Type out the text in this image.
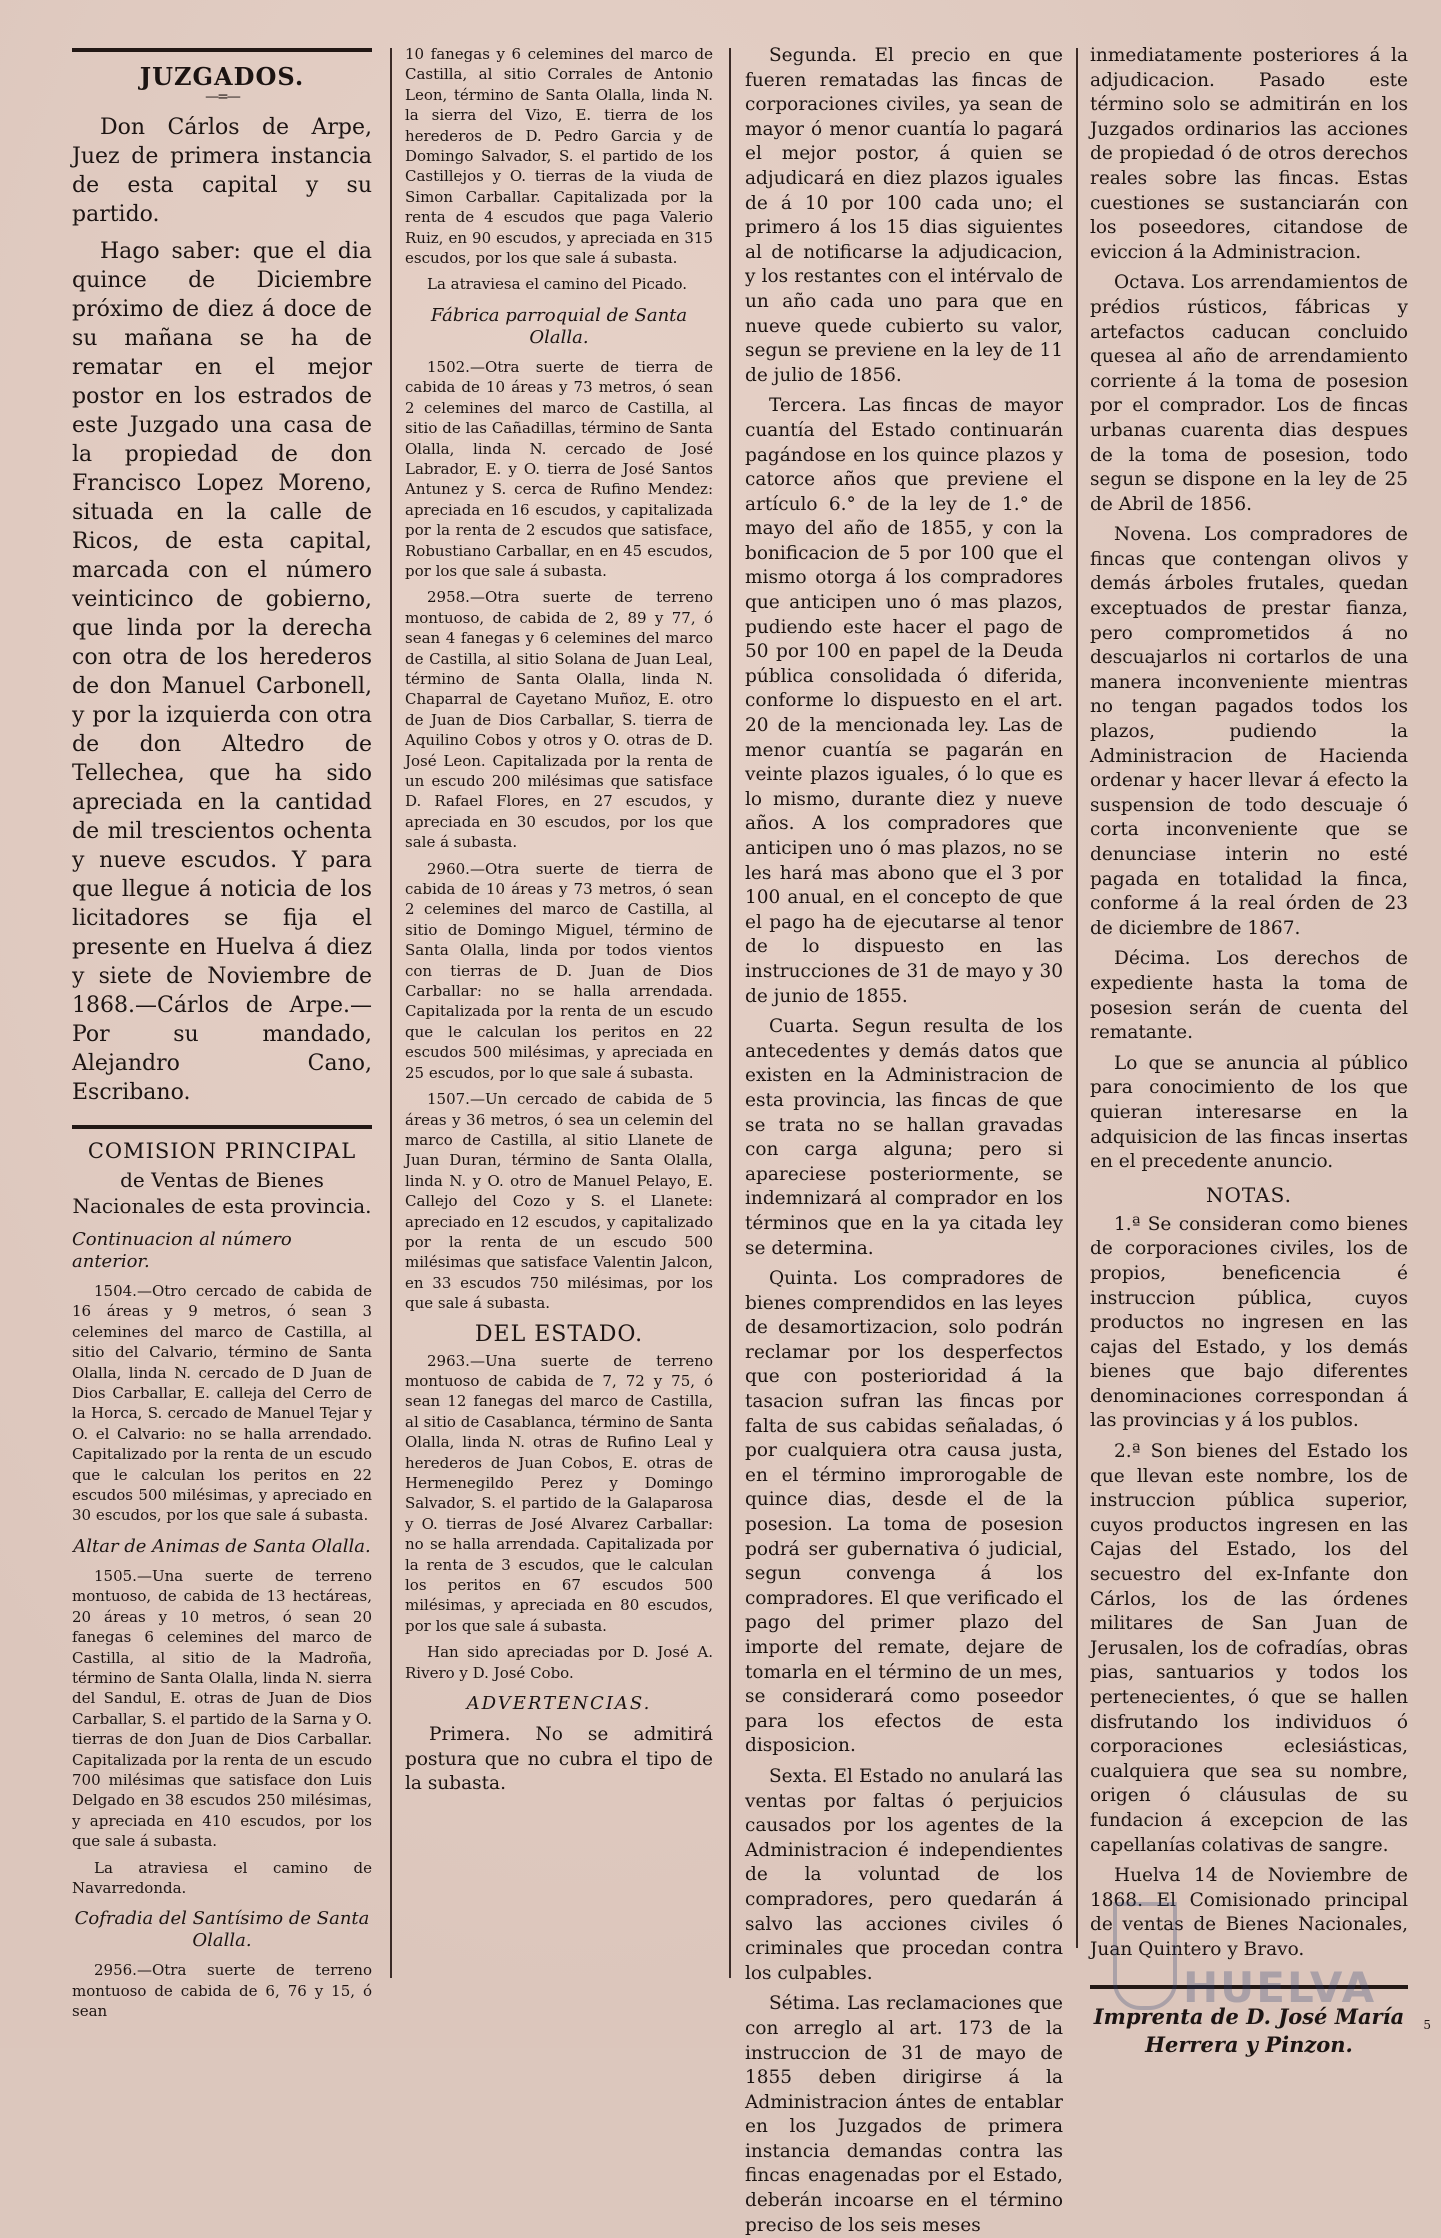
JUZGADOS.
—=—

Don Cárlos de Arpe, Juez de primera instancia de esta capital y su partido.

Hago saber: que el dia quince de Diciembre próximo de diez á doce de su mañana se ha de rematar en el mejor postor en los estrados de este Juzgado una casa de la propiedad de don Francisco Lopez Moreno, situada en la calle de Ricos, de esta capital, marcada con el número veinticinco de gobierno, que linda por la derecha con otra de los herederos de don Manuel Carbonell, y por la izquierda con otra de don Altedro de Tellechea, que ha sido apreciada en la cantidad de mil trescientos ochenta y nueve escudos. Y para que llegue á noticia de los licitadores se fija el presente en Huelva á diez y siete de Noviembre de 1868.—Cárlos de Arpe.—Por su mandado, Alejandro Cano, Escribano.

COMISION PRINCIPAL
de Ventas de Bienes Nacionales de esta provincia.
Continuacion al número anterior.

1504.—Otro cercado de cabida de 16 áreas y 9 metros, ó sean 3 celemines del marco de Castilla, al sitio del Calvario, término de Santa Olalla, linda N. cercado de D Juan de Dios Carballar, E. calleja del Cerro de la Horca, S. cercado de Manuel Tejar y O. el Calvario: no se halla arrendado. Capitalizado por la renta de un escudo que le calculan los peritos en 22 escudos 500 milésimas, y apreciado en 30 escudos, por los que sale á subasta.

Altar de Animas de Santa Olalla.

1505.—Una suerte de terreno montuoso, de cabida de 13 hectáreas, 20 áreas y 10 metros, ó sean 20 fanegas 6 celemines del marco de Castilla, al sitio de la Madroña, término de Santa Olalla, linda N. sierra del Sandul, E. otras de Juan de Dios Carballar, S. el partido de la Sarna y O. tierras de don Juan de Dios Carballar. Capitalizada por la renta de un escudo 700 milésimas que satisface don Luis Delgado en 38 escudos 250 milésimas, y apreciada en 410 escudos, por los que sale á subasta.

La atraviesa el camino de Navarredonda.

Cofradia del Santísimo de Santa Olalla.

2956.—Otra suerte de terreno montuoso de cabida de 6, 76 y 15, ó sean

10 fanegas y 6 celemines del marco de Castilla, al sitio Corrales de Antonio Leon, término de Santa Olalla, linda N. la sierra del Vizo, E. tierra de los herederos de D. Pedro Garcia y de Domingo Salvador, S. el partido de los Castillejos y O. tierras de la viuda de Simon Carballar. Capitalizada por la renta de 4 escudos que paga Valerio Ruiz, en 90 escudos, y apreciada en 315 escudos, por los que sale á subasta.

La atraviesa el camino del Picado.

Fábrica parroquial de Santa Olalla.

1502.—Otra suerte de tierra de cabida de 10 áreas y 73 metros, ó sean 2 celemines del marco de Castilla, al sitio de las Cañadillas, término de Santa Olalla, linda N. cercado de José Labrador, E. y O. tierra de José Santos Antunez y S. cerca de Rufino Mendez: apreciada en 16 escudos, y capitalizada por la renta de 2 escudos que satisface, Robustiano Carballar, en en 45 escudos, por los que sale á subasta.

2958.—Otra suerte de terreno montuoso, de cabida de 2, 89 y 77, ó sean 4 fanegas y 6 celemines del marco de Castilla, al sitio Solana de Juan Leal, término de Santa Olalla, linda N. Chaparral de Cayetano Muñoz, E. otro de Juan de Dios Carballar, S. tierra de Aquilino Cobos y otros y O. otras de D. José Leon. Capitalizada por la renta de un escudo 200 milésimas que satisface D. Rafael Flores, en 27 escudos, y apreciada en 30 escudos, por los que sale á subasta.

2960.—Otra suerte de tierra de cabida de 10 áreas y 73 metros, ó sean 2 celemines del marco de Castilla, al sitio de Domingo Miguel, término de Santa Olalla, linda por todos vientos con tierras de D. Juan de Dios Carballar: no se halla arrendada. Capitalizada por la renta de un escudo que le calculan los peritos en 22 escudos 500 milésimas, y apreciada en 25 escudos, por lo que sale á subasta.

1507.—Un cercado de cabida de 5 áreas y 36 metros, ó sea un celemin del marco de Castilla, al sitio Llanete de Juan Duran, término de Santa Olalla, linda N. y O. otro de Manuel Pelayo, E. Callejo del Cozo y S. el Llanete: apreciado en 12 escudos, y capitalizado por la renta de un escudo 500 milésimas que satisface Valentin Jalcon, en 33 escudos 750 milésimas, por los que sale á subasta.

DEL ESTADO.

2963.—Una suerte de terreno montuoso de cabida de 7, 72 y 75, ó sean 12 fanegas del marco de Castilla, al sitio de Casablanca, término de Santa Olalla, linda N. otras de Rufino Leal y herederos de Juan Cobos, E. otras de Hermenegildo Perez y Domingo Salvador, S. el partido de la Galaparosa y O. tierras de José Alvarez Carballar: no se halla arrendada. Capitalizada por la renta de 3 escudos, que le calculan los peritos en 67 escudos 500 milésimas, y apreciada en 80 escudos, por los que sale á subasta.

Han sido apreciadas por D. José A. Rivero y D. José Cobo.

ADVERTENCIAS.

Primera. No se admitirá postura que no cubra el tipo de la subasta.

Segunda. El precio en que fueren rematadas las fincas de corporaciones civiles, ya sean de mayor ó menor cuantía lo pagará el mejor postor, á quien se adjudicará en diez plazos iguales de á 10 por 100 cada uno; el primero á los 15 dias siguientes al de notificarse la adjudicacion, y los restantes con el intérvalo de un año cada uno para que en nueve quede cubierto su valor, segun se previene en la ley de 11 de julio de 1856.

Tercera. Las fincas de mayor cuantía del Estado continuarán pagándose en los quince plazos y catorce años que previene el artículo 6.° de la ley de 1.° de mayo del año de 1855, y con la bonificacion de 5 por 100 que el mismo otorga á los compradores que anticipen uno ó mas plazos, pudiendo este hacer el pago de 50 por 100 en papel de la Deuda pública consolidada ó diferida, conforme lo dispuesto en el art. 20 de la mencionada ley. Las de menor cuantía se pagarán en veinte plazos iguales, ó lo que es lo mismo, durante diez y nueve años. A los compradores que anticipen uno ó mas plazos, no se les hará mas abono que el 3 por 100 anual, en el concepto de que el pago ha de ejecutarse al tenor de lo dispuesto en las instrucciones de 31 de mayo y 30 de junio de 1855.

Cuarta. Segun resulta de los antecedentes y demás datos que existen en la Administracion de esta provincia, las fincas de que se trata no se hallan gravadas con carga alguna; pero si apareciese posteriormente, se indemnizará al comprador en los términos que en la ya citada ley se determina.

Quinta. Los compradores de bienes comprendidos en las leyes de desamortizacion, solo podrán reclamar por los desperfectos que con posterioridad á la tasacion sufran las fincas por falta de sus cabidas señaladas, ó por cualquiera otra causa justa, en el término improrogable de quince dias, desde el de la posesion. La toma de posesion podrá ser gubernativa ó judicial, segun convenga á los compradores. El que verificado el pago del primer plazo del importe del remate, dejare de tomarla en el término de un mes, se considerará como poseedor para los efectos de esta disposicion.

Sexta. El Estado no anulará las ventas por faltas ó perjuicios causados por los agentes de la Administracion é independientes de la voluntad de los compradores, pero quedarán á salvo las acciones civiles ó criminales que procedan contra los culpables.

Sétima. Las reclamaciones que con arreglo al art. 173 de la instruccion de 31 de mayo de 1855 deben dirigirse á la Administracion ántes de entablar en los Juzgados de primera instancia demandas contra las fincas enagenadas por el Estado, deberán incoarse en el término preciso de los seis meses

inmediatamente posteriores á la adjudicacion. Pasado este término solo se admitirán en los Juzgados ordinarios las acciones de propiedad ó de otros derechos reales sobre las fincas. Estas cuestiones se sustanciarán con los poseedores, citandose de eviccion á la Administracion.

Octava. Los arrendamientos de prédios rústicos, fábricas y artefactos caducan concluido quesea al año de arrendamiento corriente á la toma de posesion por el comprador. Los de fincas urbanas cuarenta dias despues de la toma de posesion, todo segun se dispone en la ley de 25 de Abril de 1856.

Novena. Los compradores de fincas que contengan olivos y demás árboles frutales, quedan exceptuados de prestar fianza, pero comprometidos á no descuajarlos ni cortarlos de una manera inconveniente mientras no tengan pagados todos los plazos, pudiendo la Administracion de Hacienda ordenar y hacer llevar á efecto la suspension de todo descuaje ó corta inconveniente que se denunciase interin no esté pagada en totalidad la finca, conforme á la real órden de 23 de diciembre de 1867.

Décima. Los derechos de expediente hasta la toma de posesion serán de cuenta del rematante.

Lo que se anuncia al público para conocimiento de los que quieran interesarse en la adquisicion de las fincas insertas en el precedente anuncio.

NOTAS.

1.ª Se consideran como bienes de corporaciones civiles, los de propios, beneficencia é instruccion pública, cuyos productos no ingresen en las cajas del Estado, y los demás bienes que bajo diferentes denominaciones correspondan á las provincias y á los publos.

2.ª Son bienes del Estado los que llevan este nombre, los de instruccion pública superior, cuyos productos ingresen en las Cajas del Estado, los del secuestro del ex-Infante don Cárlos, los de las órdenes militares de San Juan de Jerusalen, los de cofradías, obras pias, santuarios y todos los pertenecientes, ó que se hallen disfrutando los individuos ó corporaciones eclesiásticas, cualquiera que sea su nombre, origen ó cláusulas de su fundacion á excepcion de las capellanías colativas de sangre.

Huelva 14 de Noviembre de 1868. El Comisionado principal de ventas de Bienes Nacionales, Juan Quintero y Bravo.

Imprenta de D. José María
Herrera y Pinzon.
HUELVA
5
